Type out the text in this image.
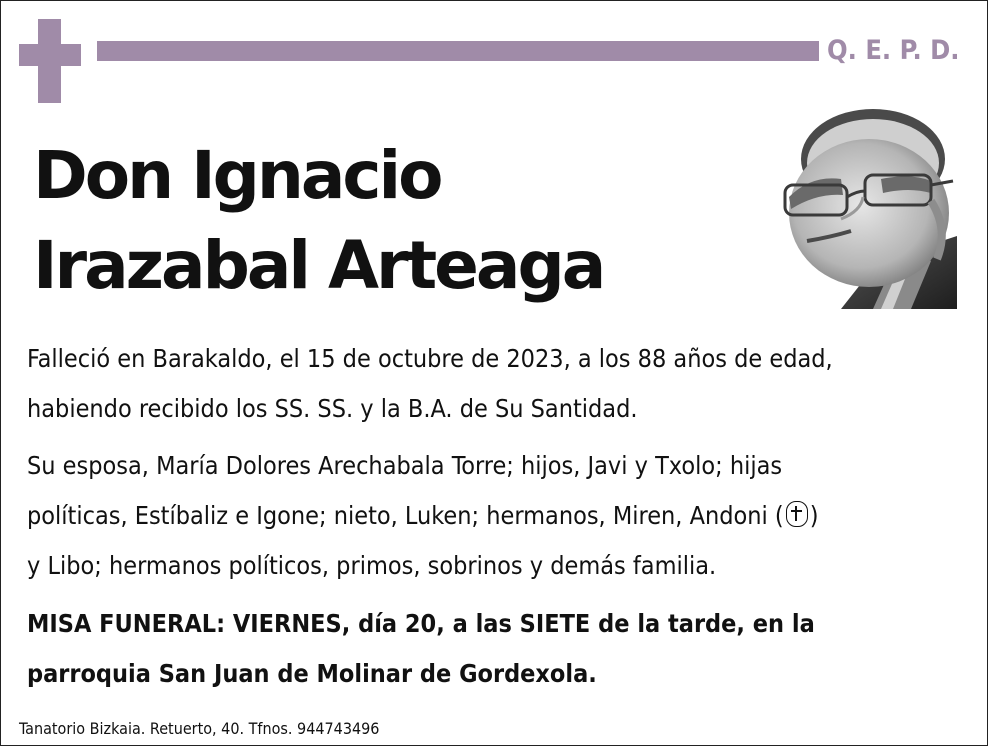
Q. E. P. D.
Don Ignacio
Irazabal Arteaga
Falleció en Barakaldo, el 15 de octubre de 2023, a los 88 años de edad,
habiendo recibido los SS. SS. y la B.A. de Su Santidad.
Su esposa, María Dolores Arechabala Torre; hijos, Javi y Txolo; hijas
políticas, Estíbaliz e Igone; nieto, Luken; hermanos, Miren, Andoni ( )
y Libo; hermanos políticos, primos, sobrinos y demás familia.
MISA FUNERAL: VIERNES, día 20, a las SIETE de la tarde, en la
parroquia San Juan de Molinar de Gordexola.
Tanatorio Bizkaia. Retuerto, 40. Tfnos. 944743496
